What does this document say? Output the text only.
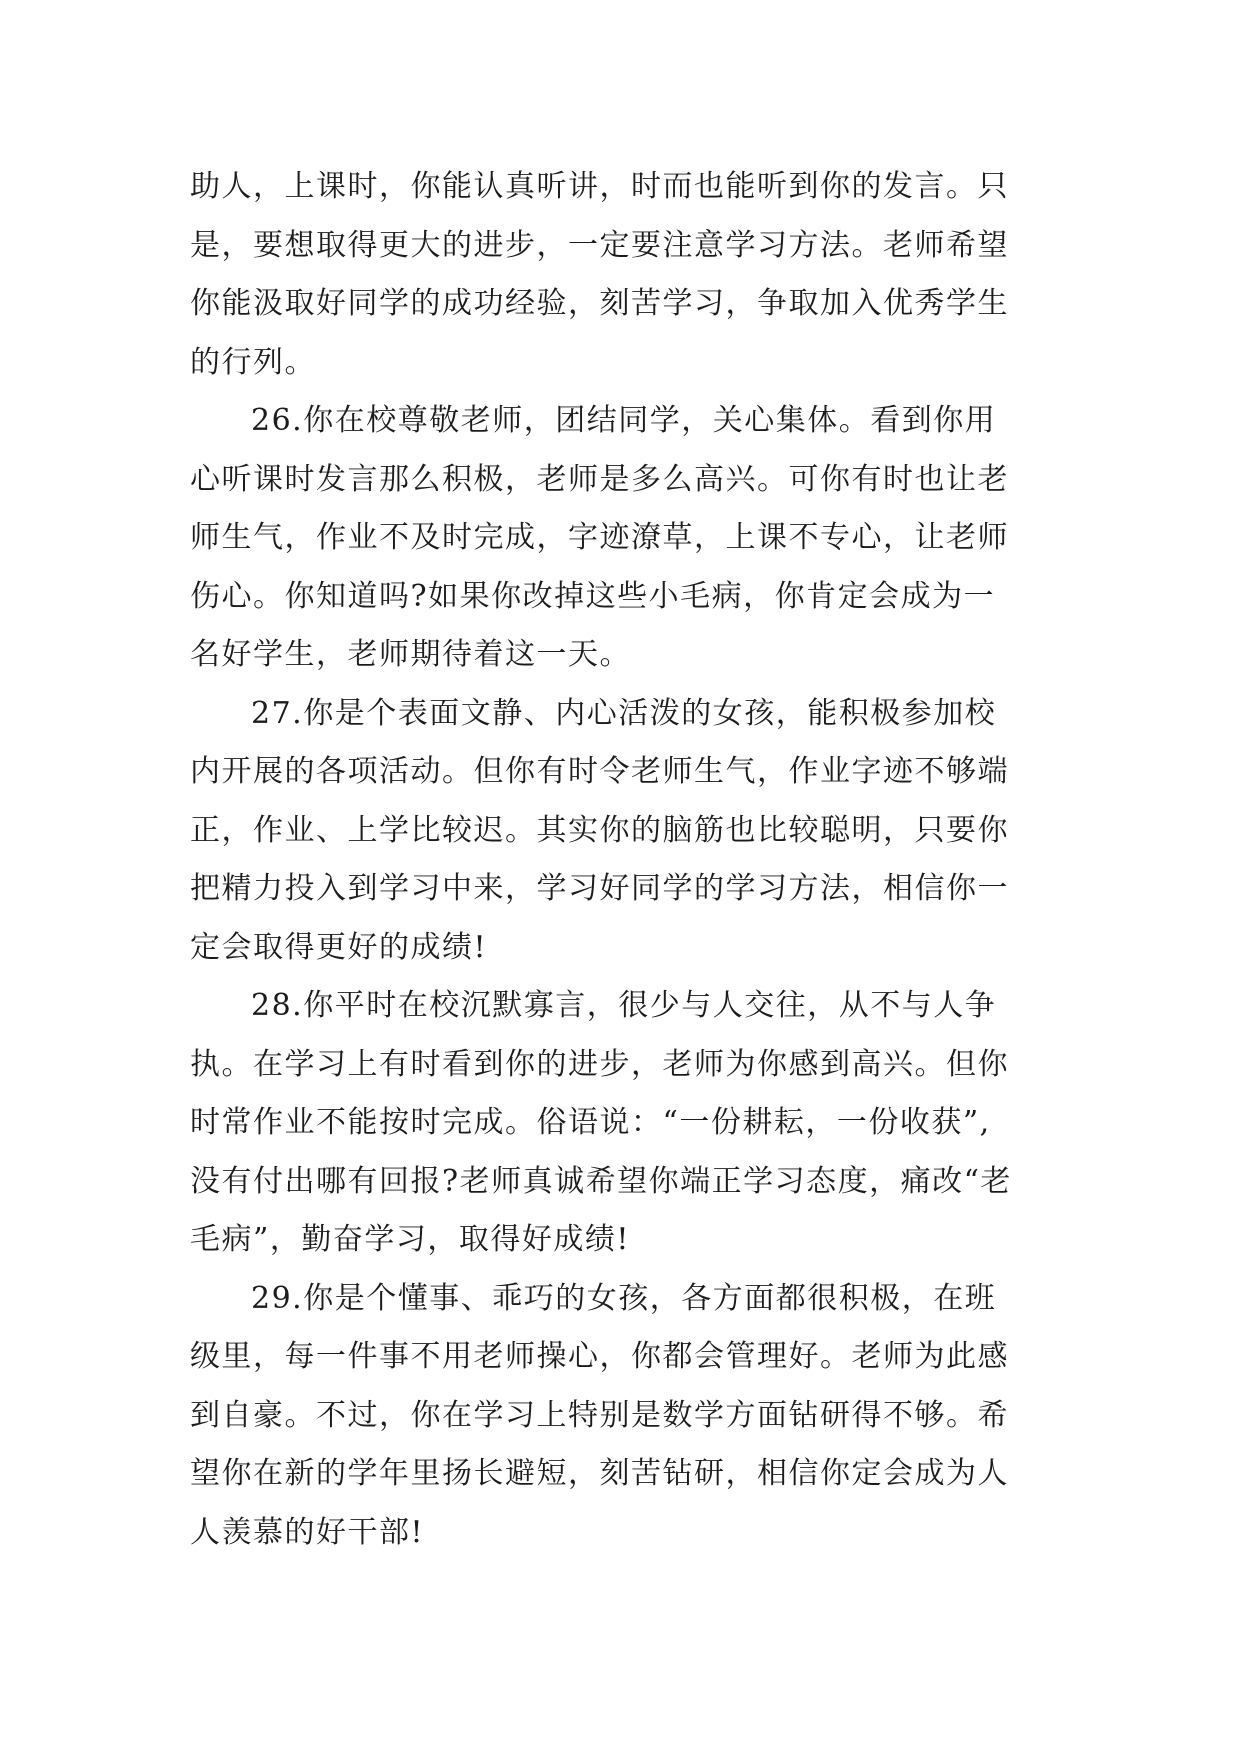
助人，上课时，你能认真听讲，时而也能听到你的发言。只
是，要想取得更大的进步，一定要注意学习方法。老师希望
你能汲取好同学的成功经验，刻苦学习，争取加入优秀学生
的行列。
26.你在校尊敬老师，团结同学，关心集体。看到你用
心听课时发言那么积极，老师是多么高兴。可你有时也让老
师生气，作业不及时完成，字迹潦草，上课不专心，让老师
伤心。你知道吗?如果你改掉这些小毛病，你肯定会成为一
名好学生，老师期待着这一天。
27.你是个表面文静、内心活泼的女孩，能积极参加校
内开展的各项活动。但你有时令老师生气，作业字迹不够端
正，作业、上学比较迟。其实你的脑筋也比较聪明，只要你
把精力投入到学习中来，学习好同学的学习方法，相信你一
定会取得更好的成绩!
28.你平时在校沉默寡言，很少与人交往，从不与人争
执。在学习上有时看到你的进步，老师为你感到高兴。但你
时常作业不能按时完成。俗语说：“一份耕耘，一份收获”,
没有付出哪有回报?老师真诚希望你端正学习态度，痛改“老
毛病”，勤奋学习，取得好成绩!
29.你是个懂事、乖巧的女孩，各方面都很积极，在班
级里，每一件事不用老师操心，你都会管理好。老师为此感
到自豪。不过，你在学习上特别是数学方面钻研得不够。希
望你在新的学年里扬长避短，刻苦钻研，相信你定会成为人
人羡慕的好干部!
